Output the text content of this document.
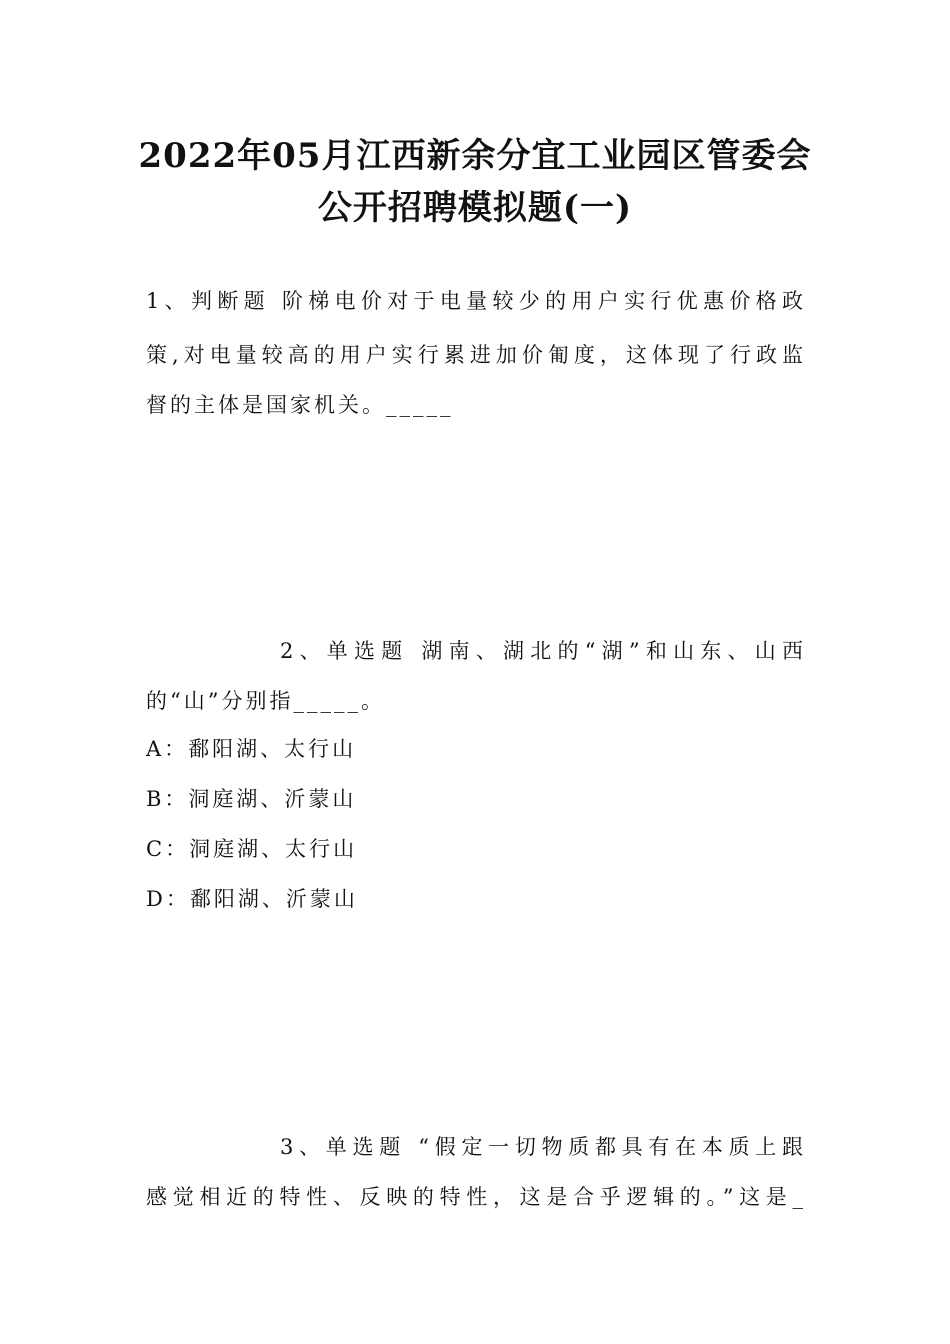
2022年05月江西新余分宜工业园区管委会
公开招聘模拟题(一)

1、判断题 阶梯电价对于电量较少的用户实行优惠价格政

策,对电量较高的用户实行累进加价匍度，这体现了行政监

督的主体是国家机关。_____

2、单选题 湖南、湖北的“湖”和山东、山西

的“山”分别指_____。

A：鄱阳湖、太行山

B：洞庭湖、沂蒙山

C：洞庭湖、太行山

D：鄱阳湖、沂蒙山

3、单选题 “假定一切物质都具有在本质上跟

感觉相近的特性、反映的特性，这是合乎逻辑的。”这是_
